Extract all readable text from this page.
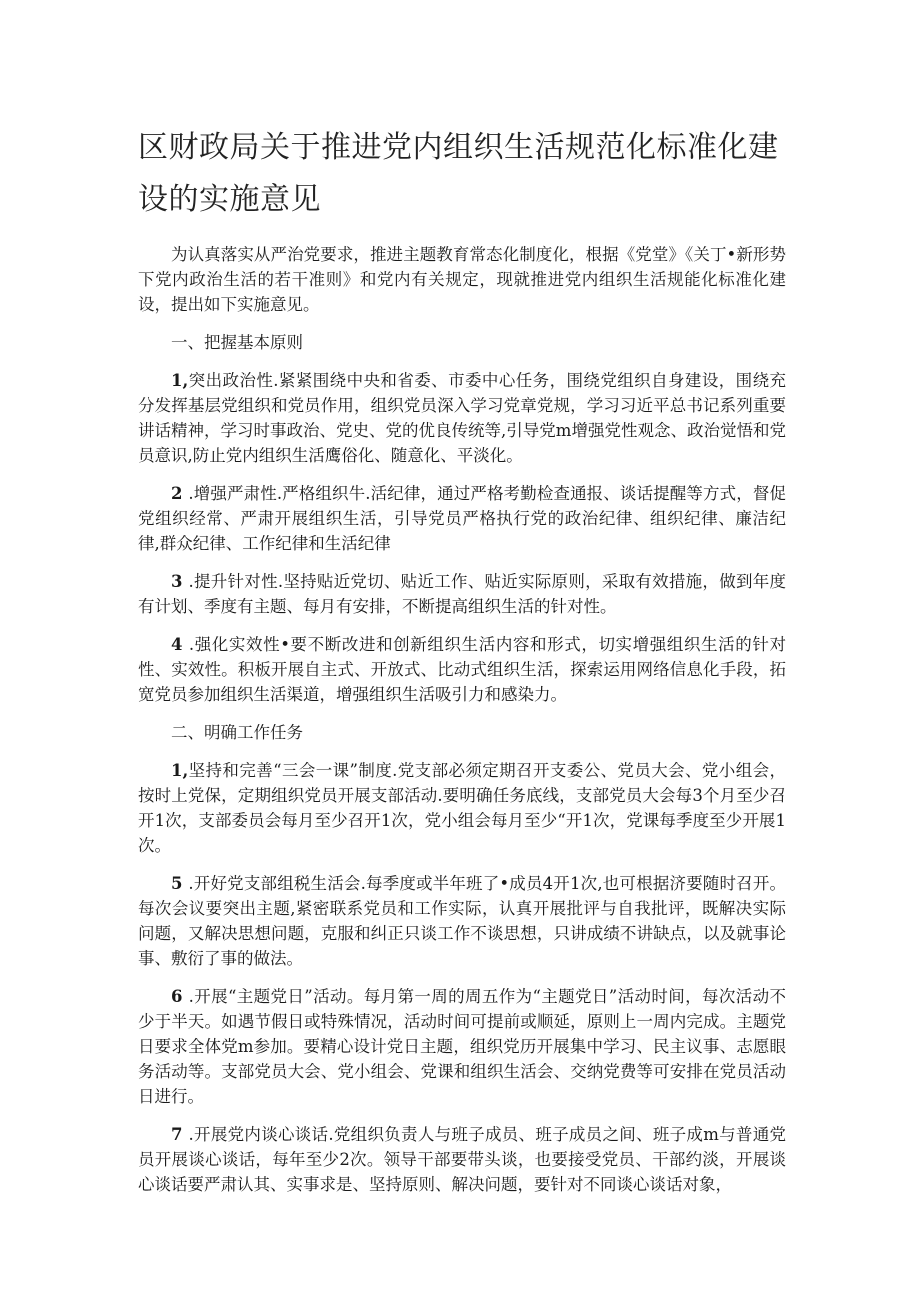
区财政局关于推进党内组织生活规范化标准化建设的实施意见

为认真落实从严治党要求，推进主题教育常态化制度化，根据《党堂》《关丁•新形势下党内政治生活的若干准则》和党内有关规定，现就推进党内组织生活规能化标准化建设，提出如下实施意见。

一、把握基本原则

1,突出政治性.紧紧围绕中央和省委、市委中心任务，围绕党组织自身建设，围绕充分发挥基层党组织和党员作用，组织党员深入学习党章党规，学习习近平总书记系列重要讲话精神，学习时事政治、党史、党的优良传统等,引导党m增强党性观念、政治觉悟和党员意识,防止党内组织生活鹰俗化、随意化、平淡化。

2 .增强严肃性.严格组织牛.活纪律，通过严格考勤检查通报、谈话提醒等方式，督促党组织经常、严肃开展组织生活，引导党员严格执行党的政治纪律、组织纪律、廉洁纪律,群众纪律、工作纪律和生活纪律

3 .提升针对性.坚持贴近党切、贴近工作、贴近实际原则，采取有效措施，做到年度有计划、季度有主题、每月有安排，不断提高组织生活的针对性。

4 .强化实效性•要不断改进和创新组织生活内容和形式，切实增强组织生活的针对性、实效性。积板开展自主式、开放式、比动式组织生活，探索运用网络信息化手段，拓宽党员参加组织生活渠道，增强组织生活吸引力和感染力。

二、明确工作任务

1,坚持和完善“三会一课”制度.党支部必须定期召开支委公、党员大会、党小组会，按时上党保，定期组织党员开展支部活动.要明确任务底线，支部党员大会每3个月至少召开1次，支部委员会每月至少召开1次，党小组会每月至少“开1次，党课每季度至少开展1次。

5 .开好党支部组税生活会.每季度或半年班了•成员4开1次,也可根据济要随时召开。每次会议要突出主题,紧密联系党员和工作实际，认真开展批评与自我批评，既解决实际问题，又解决思想问题，克服和纠正只谈工作不谈思想，只讲成绩不讲缺点，以及就事论事、敷衍了事的做法。

6 .开展“主题党日”活动。每月第一周的周五作为“主题党日”活动时间，每次活动不少于半天。如遇节假日或特殊情况，活动时间可提前或顺延，原则上一周内完成。主题党日要求全体党m参加。要精心设计党日主题，组织党历开展集中学习、民主议事、志愿眼务活动等。支部党员大会、党小组会、党课和组织生活会、交纳党费等可安排在党员活动日进行。

7 .开展党内谈心谈话.党组织负责人与班子成员、班子成员之间、班子成m与普通党员开展谈心谈话，每年至少2次。领导干部要带头谈，也要接受党员、干部约淡，开展谈心谈话要严肃认其、实事求是、坚持原则、解决问题，要针对不同谈心谈话对象，
